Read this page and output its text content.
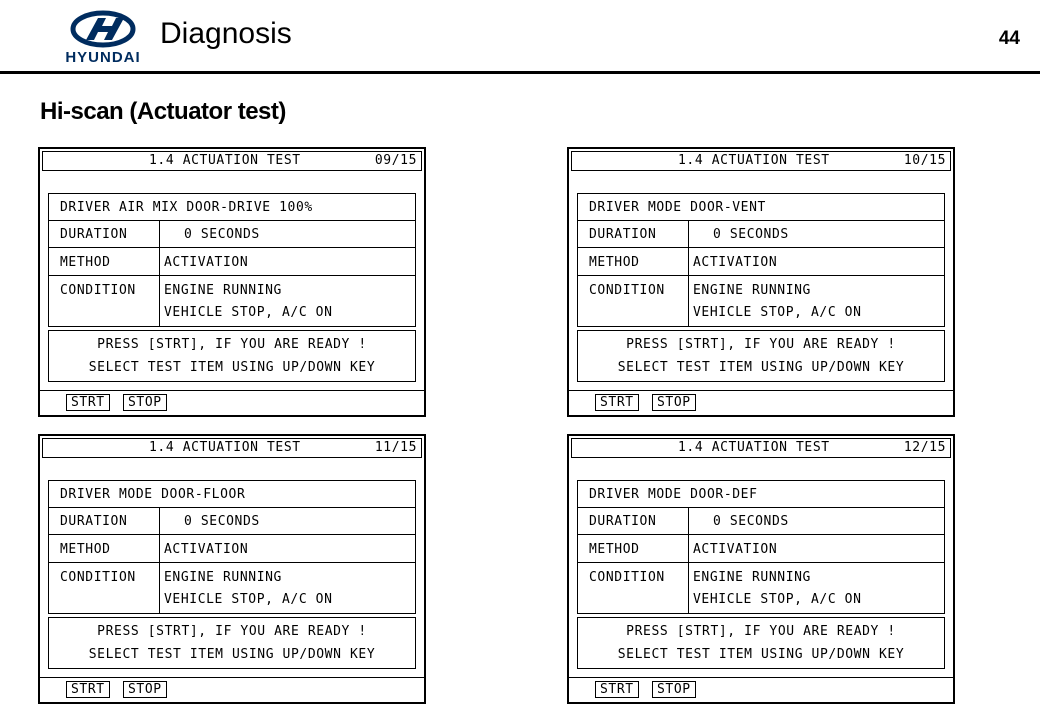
HYUNDAI
Diagnosis	44
Hi-scan (Actuator test)
1.4 ACTUATION TEST	09/15
DRIVER AIR MIX DOOR-DRIVE 100%
DURATION	0 SECONDS
METHOD	ACTIVATION
CONDITION	ENGINE RUNNING
VEHICLE STOP, A/C ON
PRESS [STRT], IF YOU ARE READY !
SELECT TEST ITEM USING UP/DOWN KEY
STRT	STOP
1.4 ACTUATION TEST	10/15
DRIVER MODE DOOR-VENT
DURATION	0 SECONDS
METHOD	ACTIVATION
CONDITION	ENGINE RUNNING
VEHICLE STOP, A/C ON
PRESS [STRT], IF YOU ARE READY !
SELECT TEST ITEM USING UP/DOWN KEY
STRT	STOP
1.4 ACTUATION TEST	11/15
DRIVER MODE DOOR-FLOOR
DURATION	0 SECONDS
METHOD	ACTIVATION
CONDITION	ENGINE RUNNING
VEHICLE STOP, A/C ON
PRESS [STRT], IF YOU ARE READY !
SELECT TEST ITEM USING UP/DOWN KEY
STRT	STOP
1.4 ACTUATION TEST	12/15
DRIVER MODE DOOR-DEF
DURATION	0 SECONDS
METHOD	ACTIVATION
CONDITION	ENGINE RUNNING
VEHICLE STOP, A/C ON
PRESS [STRT], IF YOU ARE READY !
SELECT TEST ITEM USING UP/DOWN KEY
STRT	STOP
